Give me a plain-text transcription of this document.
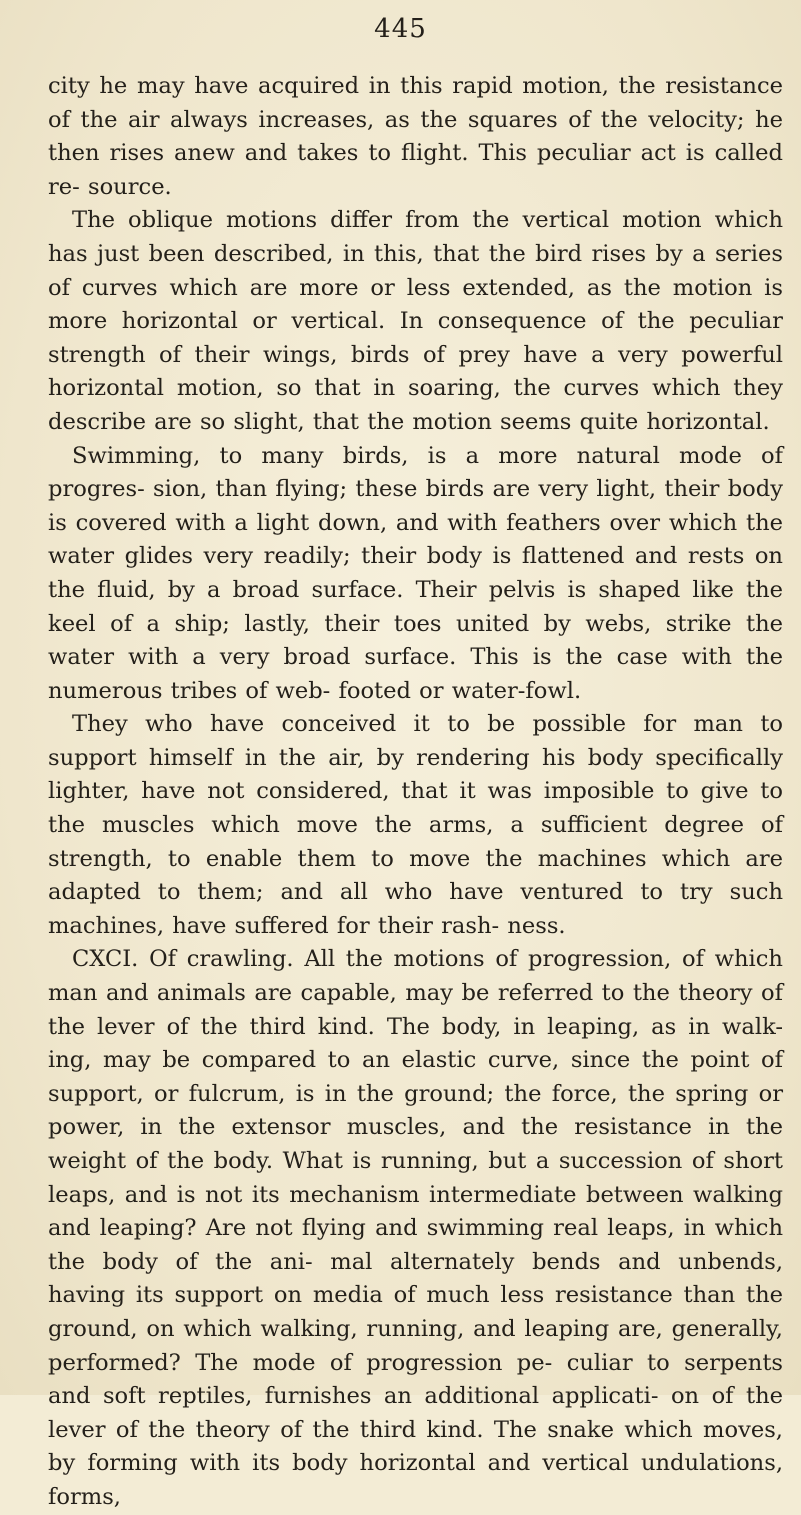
445

city he may have acquired in this rapid motion, the resistance of the air always increases, as the squares of the velocity; he then rises anew and takes to flight. This peculiar act is called re- source.

The oblique motions differ from the vertical motion which has just been described, in this, that the bird rises by a series of curves which are more or less extended, as the motion is more horizontal or vertical. In consequence of the peculiar strength of their wings, birds of prey have a very powerful horizontal motion, so that in soaring, the curves which they describe are so slight, that the motion seems quite horizontal.

Swimming, to many birds, is a more natural mode of progres- sion, than flying; these birds are very light, their body is covered with a light down, and with feathers over which the water glides very readily; their body is flattened and rests on the fluid, by a broad surface. Their pelvis is shaped like the keel of a ship; lastly, their toes united by webs, strike the water with a very broad surface. This is the case with the numerous tribes of web- footed or water-fowl.

They who have conceived it to be possible for man to support himself in the air, by rendering his body specifically lighter, have not considered, that it was imposible to give to the muscles which move the arms, a sufficient degree of strength, to enable them to move the machines which are adapted to them; and all who have ventured to try such machines, have suffered for their rash- ness.

CXCI. Of crawling. All the motions of progression, of which man and animals are capable, may be referred to the theory of the lever of the third kind. The body, in leaping, as in walk- ing, may be compared to an elastic curve, since the point of support, or fulcrum, is in the ground; the force, the spring or power, in the extensor muscles, and the resistance in the weight of the body. What is running, but a succession of short leaps, and is not its mechanism intermediate between walking and leaping? Are not flying and swimming real leaps, in which the body of the ani- mal alternately bends and unbends, having its support on media of much less resistance than the ground, on which walking, running, and leaping are, generally, performed? The mode of progression pe- culiar to serpents and soft reptiles, furnishes an additional applicati- on of the lever of the theory of the third kind. The snake which moves, by forming with its body horizontal and vertical undulations, forms,
